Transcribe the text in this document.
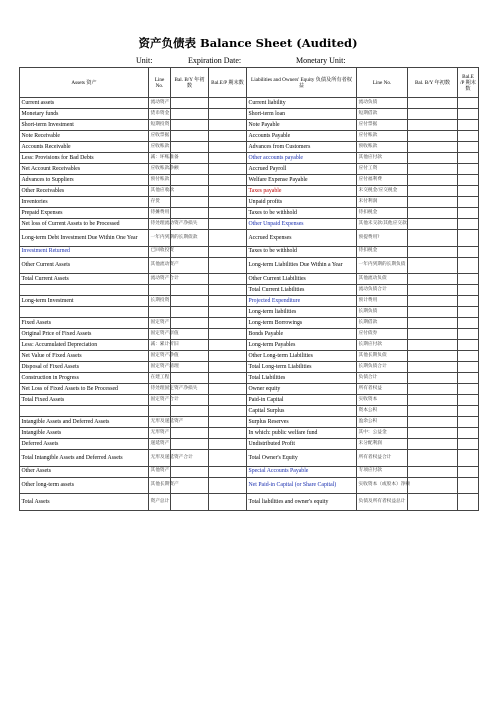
资产负债表 Balance Sheet (Audited)
Unit:	Expiration Date:	Monetary Unit:
Assets 资产	Line No.	Bal. B/Y 年初数	Bal.E/P 期末数	Liabilities and Owners' Equity 负债及所有者权益	Line No.	Bal. B/Y 年初数	Bal.E /P 期末数
Current assets	流动资产			Current liability	流动负债		
Monetary funds	货币资金			Short-term loan	短期借款		
Short-term Investment	短期投资			Note Payable	应付票据		
Note Receivable	应收票据			Accounts Payable	应付账款		
Accounts Receivable	应收账款			Advances from Customers	预收账款		
Less: Provisions for Bad Debts	减：坏账准备			Other accounts payable	其他应付款		
Net Account Receivables	应收账款净额			Accrued Payroll	应付工资		
Advances to Suppliers	预付账款			Welfare Expense Payable	应付福利费		
Other Receivables	其他应收款			Taxes payable	未交税金/应交税金		
Inventories	存货			Unpaid profits	未付利润		
Prepaid Expenses	待摊费用			Taxes to be withhold	待扣税金		
Net loss of Current Assets to be Processed	待处理流动资产净损失			Other Unpaid Expenses	其他未交款/其他应交款		
Long-term Debt Investment Due Within One Year	一年内到期的长期债款			Accrued Expenses	预提费用?		
Investment Returned	已回收投资			Taxes to be withhold	待扣税金		
Other Current Assets	其他流动资产			Long-term Liabilities Due Within a Year	一年内到期的长期负债		
Total Current Assets	流动资产合计			Other Current Liabilities	其他流动负债		
				Total Current Liabilities	流动负债合计		
Long-term Investment	长期投资			Projected Expenditure	预计费用		
				Long-term liabilities	长期负债		
Fixed Assets	固定资产			Long-term Borrowings	长期借款		
Original Price of Fixed Assets	固定资产原值			Bonds Payable	应付债券		
Less: Accumulated Depreciation	减：累计折旧			Long-term Payables	长期应付款		
Net Value of Fixed Assets	固定资产净值			Other Long-term Liabilities	其他长期负债		
Disposal of Fixed Assets	固定资产清理			Total Long-term Liabilities	长期负债合计		
Construction in Progress	在建工程			Total Liabilities	负债合计		
Net Loss of Fixed Assets to Be Processed	待处理固定资产净损失			Owner equity	所有者权益		
Total Fixed Assets	固定资产合计			Paid-in Capital	实收资本		
				Capital Surplus	资本公积		
Intangible Assets and Deferred Assets	无形及递延资产			Surplus Reserves	盈余公积		
Intangible Assets	无形资产			In which: public welfare fund	其中：公益金		
Deferred Assets	递延资产			Undistributed Profit	未分配利润		
Total Intangible Assets and Deferred Assets	无形及递延资产合计			Total Owner's Equity	所有者权益合计		
Other Assets	其他资产			Special Accounts Payable	专项应付款		
Other long-term assets	其他长期资产			Net Paid-in Capital (or Share Capital)	实收资本（或股本）净额		
Total Assets	资产总计			Total liabilities and owner's equity	负债及所有者权益总计		
